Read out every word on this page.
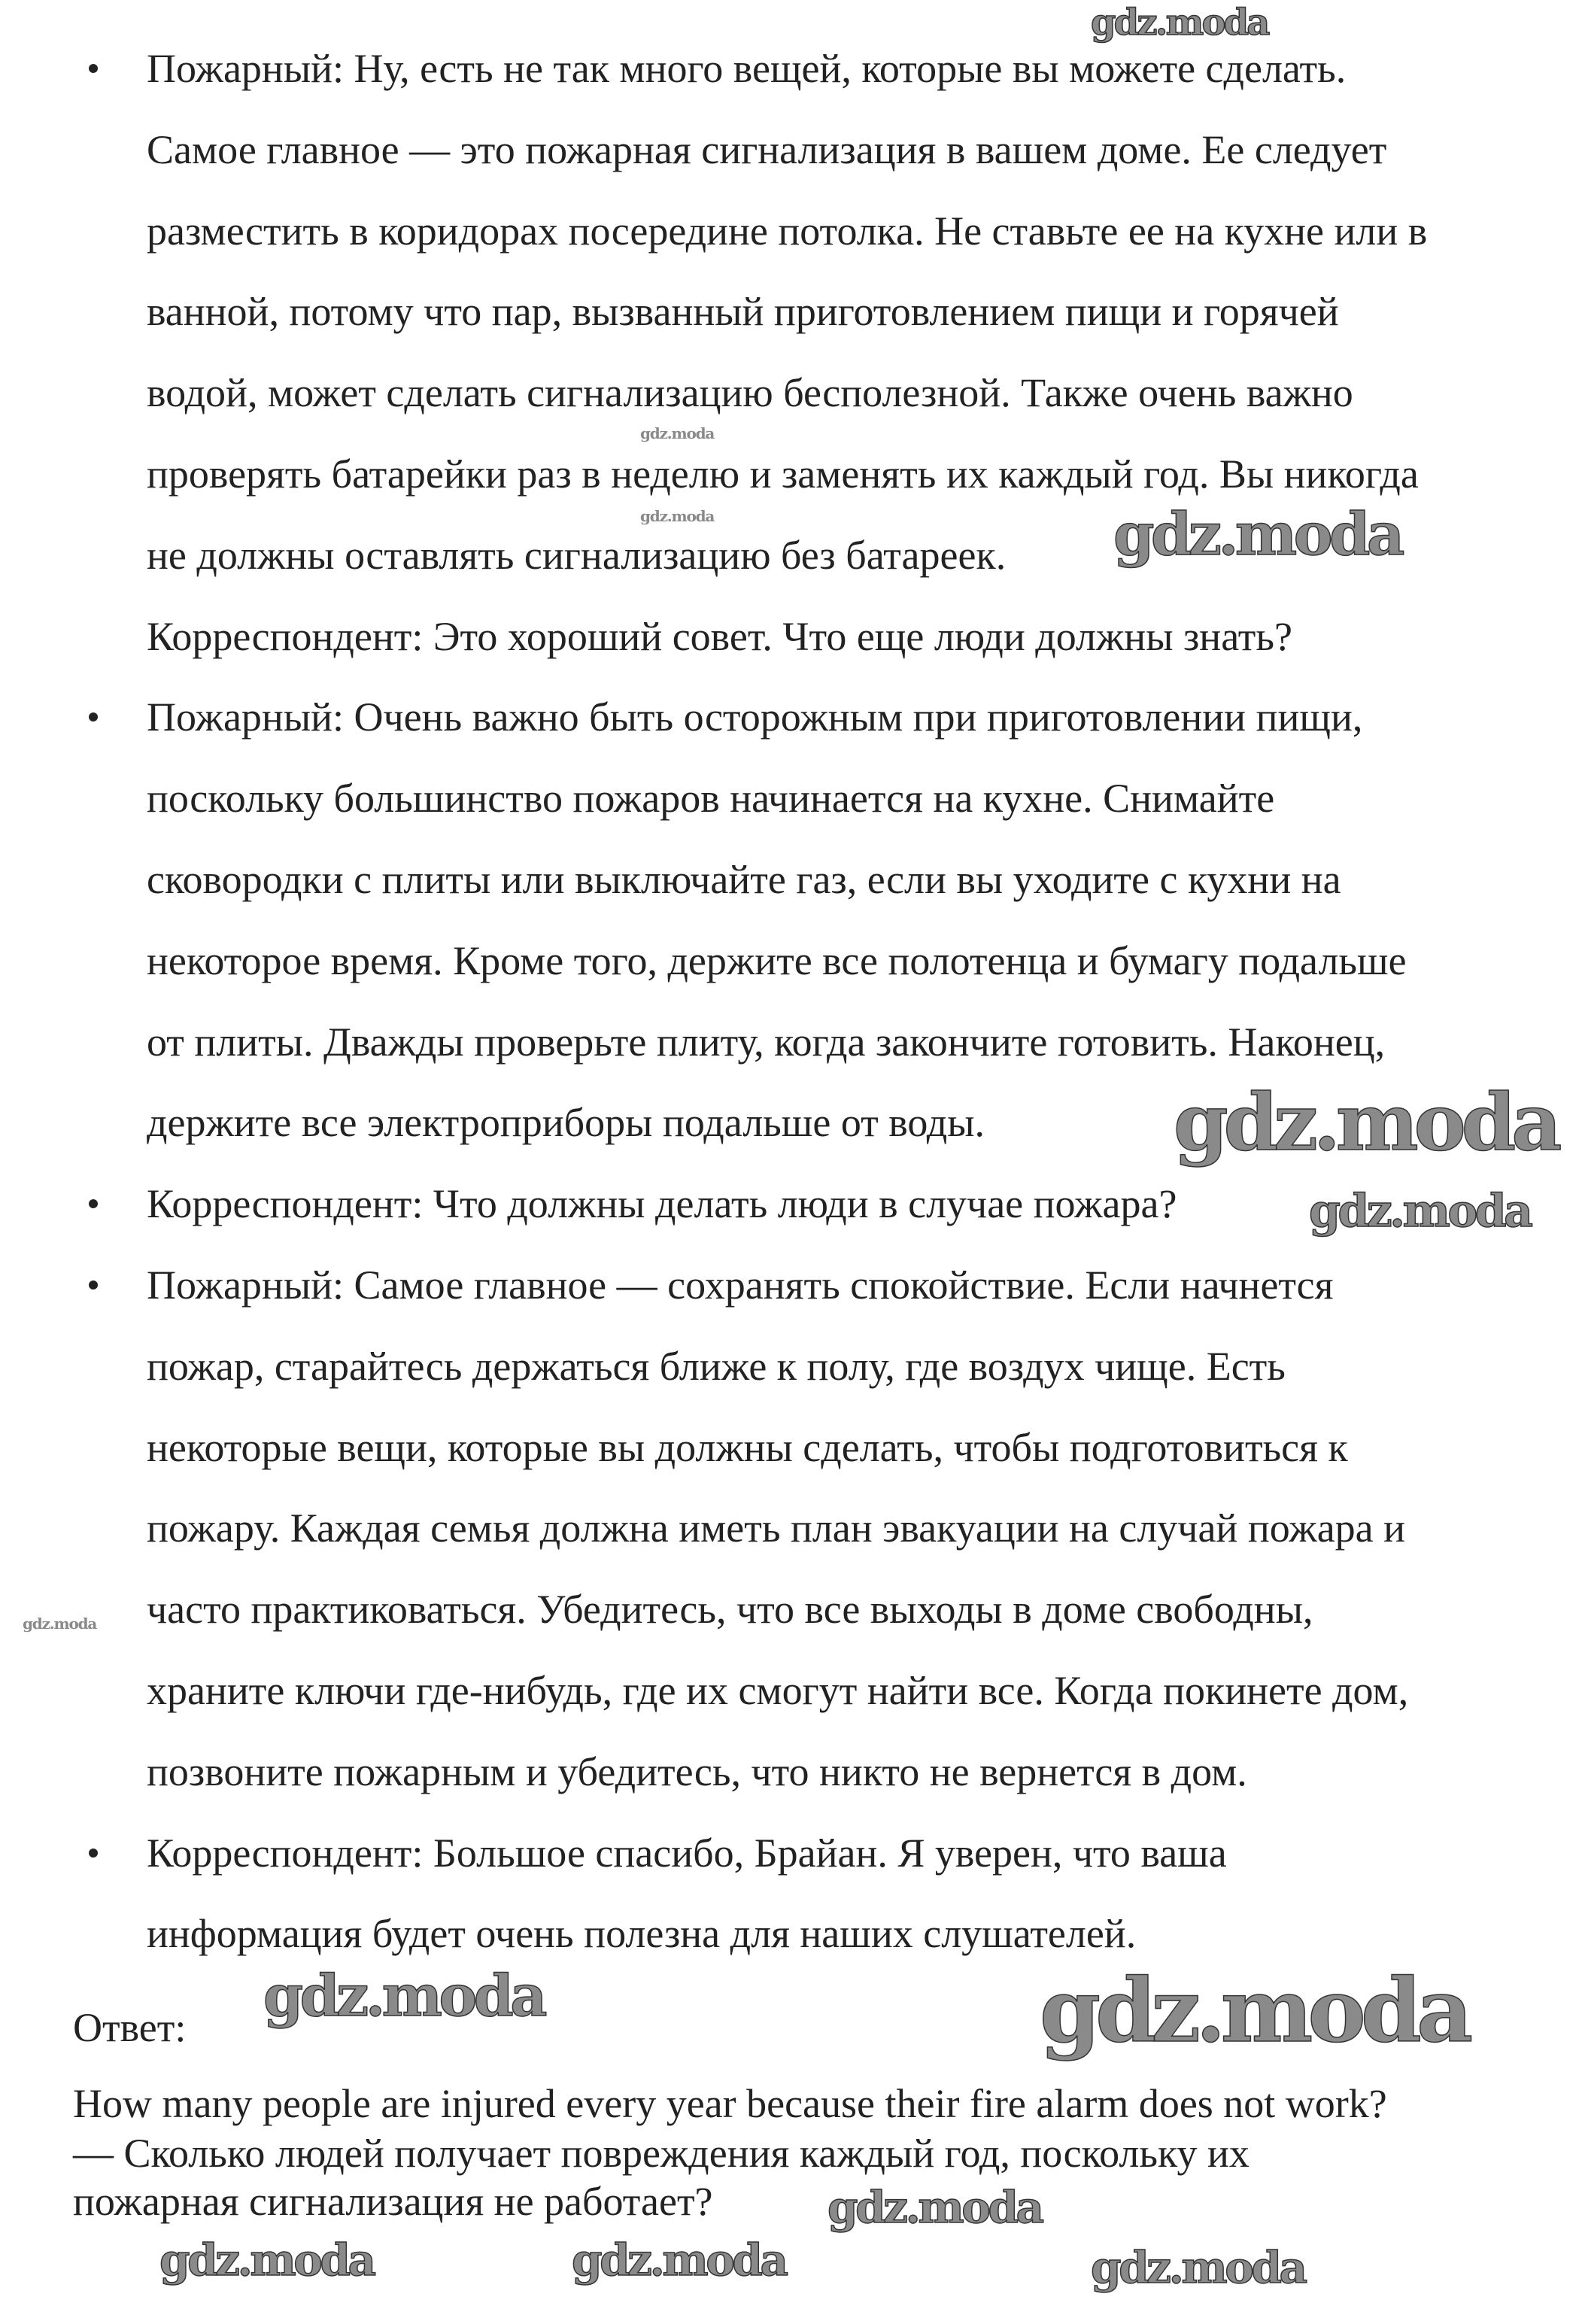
Пожарный: Ну, есть не так много вещей, которые вы можете сделать.
Самое главное — это пожарная сигнализация в вашем доме. Ее следует
разместить в коридорах посередине потолка. Не ставьте ее на кухне или в
ванной, потому что пар, вызванный приготовлением пищи и горячей
водой, может сделать сигнализацию бесполезной. Также очень важно
проверять батарейки раз в неделю и заменять их каждый год. Вы никогда
не должны оставлять сигнализацию без батареек.
Корреспондент: Это хороший совет. Что еще люди должны знать?
Пожарный: Очень важно быть осторожным при приготовлении пищи,
поскольку большинство пожаров начинается на кухне. Снимайте
сковородки с плиты или выключайте газ, если вы уходите с кухни на
некоторое время. Кроме того, держите все полотенца и бумагу подальше
от плиты. Дважды проверьте плиту, когда закончите готовить. Наконец,
держите все электроприборы подальше от воды.
Корреспондент: Что должны делать люди в случае пожара?
Пожарный: Самое главное — сохранять спокойствие. Если начнется
пожар, старайтесь держаться ближе к полу, где воздух чище. Есть
некоторые вещи, которые вы должны сделать, чтобы подготовиться к
пожару. Каждая семья должна иметь план эвакуации на случай пожара и
часто практиковаться. Убедитесь, что все выходы в доме свободны,
храните ключи где-нибудь, где их смогут найти все. Когда покинете дом,
позвоните пожарным и убедитесь, что никто не вернется в дом.
Корреспондент: Большое спасибо, Брайан. Я уверен, что ваша
информация будет очень полезна для наших слушателей.
Ответ:
How many people are injured every year because their fire alarm does not work?
— Сколько людей получает повреждения каждый год, поскольку их
пожарная сигнализация не работает?
gdz.moda
gdz.moda
gdz.moda
gdz.moda
gdz.moda	gdz.moda
gdz.moda
gdz.moda
gdz.moda
gdz.moda
gdz.moda
gdz.moda	gdz.moda
